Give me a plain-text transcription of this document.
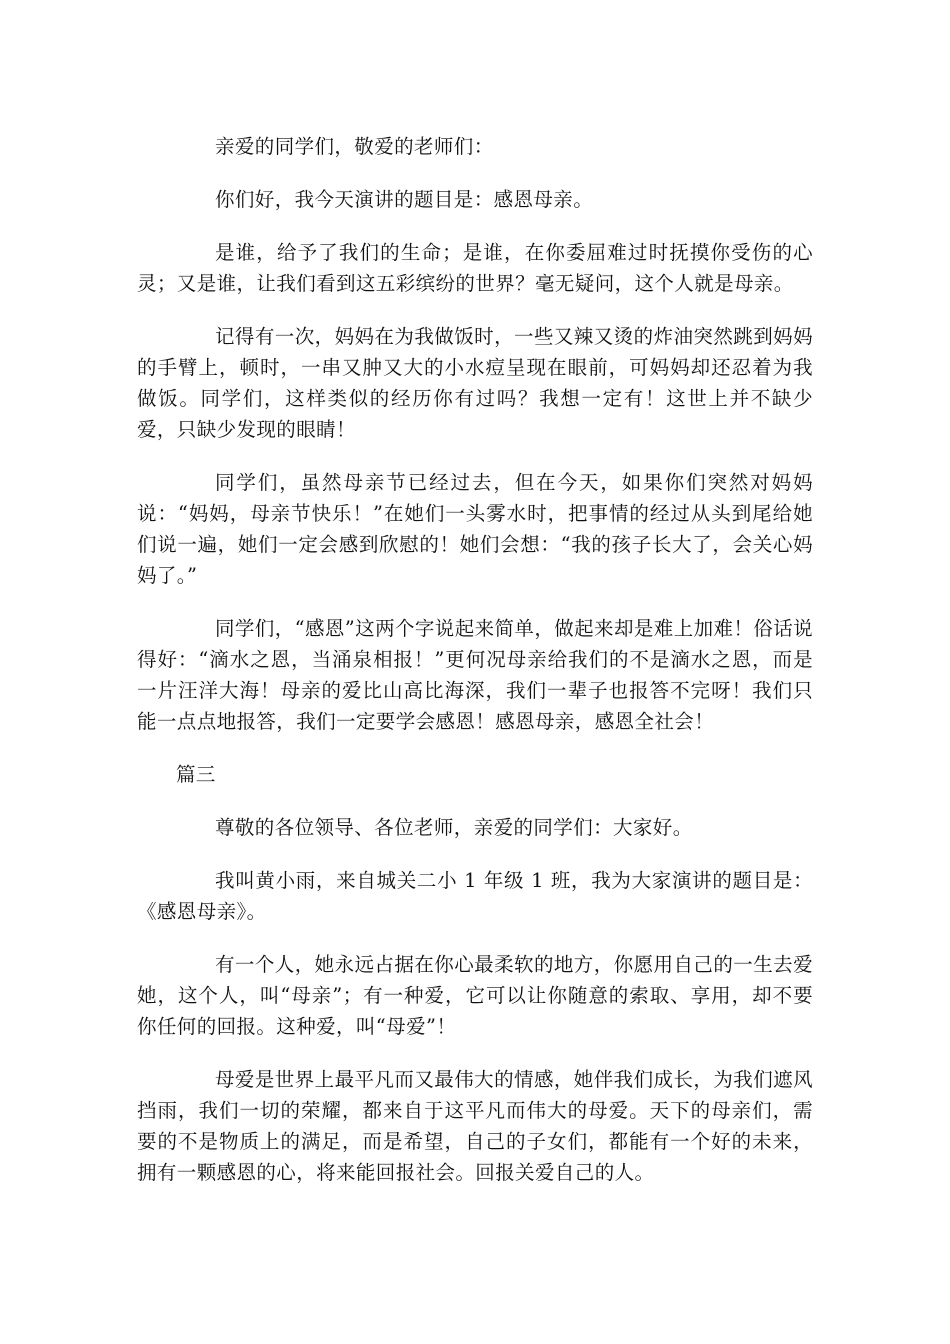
亲爱的同学们，敬爱的老师们：

你们好，我今天演讲的题目是：感恩母亲。

是谁，给予了我们的生命；是谁，在你委屈难过时抚摸你受伤的心灵；又是谁，让我们看到这五彩缤纷的世界？毫无疑问，这个人就是母亲。

记得有一次，妈妈在为我做饭时，一些又辣又烫的炸油突然跳到妈妈的手臂上，顿时，一串又肿又大的小水痘呈现在眼前，可妈妈却还忍着为我做饭。同学们，这样类似的经历你有过吗？我想一定有！这世上并不缺少爱，只缺少发现的眼睛！

同学们，虽然母亲节已经过去，但在今天，如果你们突然对妈妈说：“妈妈，母亲节快乐！”在她们一头雾水时，把事情的经过从头到尾给她们说一遍，她们一定会感到欣慰的！她们会想：“我的孩子长大了，会关心妈妈了。”

同学们，“感恩”这两个字说起来简单，做起来却是难上加难！俗话说得好：“滴水之恩，当涌泉相报！”更何况母亲给我们的不是滴水之恩，而是一片汪洋大海！母亲的爱比山高比海深，我们一辈子也报答不完呀！我们只能一点点地报答，我们一定要学会感恩！感恩母亲，感恩全社会！

篇三

尊敬的各位领导、各位老师，亲爱的同学们：大家好。

我叫黄小雨，来自城关二小 1 年级 1 班，我为大家演讲的题目是：《感恩母亲》。

有一个人，她永远占据在你心最柔软的地方，你愿用自己的一生去爱她，这个人，叫“母亲”；有一种爱，它可以让你随意的索取、享用，却不要你任何的回报。这种爱，叫“母爱”！

母爱是世界上最平凡而又最伟大的情感，她伴我们成长，为我们遮风挡雨，我们一切的荣耀，都来自于这平凡而伟大的母爱。天下的母亲们，需要的不是物质上的满足，而是希望，自己的子女们，都能有一个好的未来，拥有一颗感恩的心，将来能回报社会。回报关爱自己的人。
